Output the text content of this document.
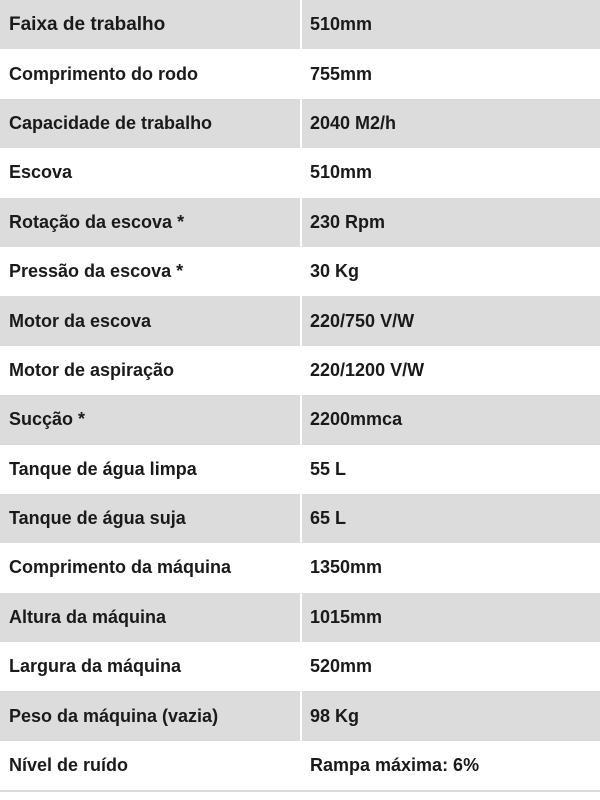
Faixa de trabalho	510mm
Comprimento do rodo	755mm
Capacidade de trabalho	2040 M2/h
Escova	510mm
Rotação da escova *	230 Rpm
Pressão da escova *	30 Kg
Motor da escova	220/750 V/W
Motor de aspiração	220/1200 V/W
Sucção *	2200mmca
Tanque de água limpa	55 L
Tanque de água suja	65 L
Comprimento da máquina	1350mm
Altura da máquina	1015mm
Largura da máquina	520mm
Peso da máquina (vazia)	98 Kg
Nível de ruído	Rampa máxima: 6%
